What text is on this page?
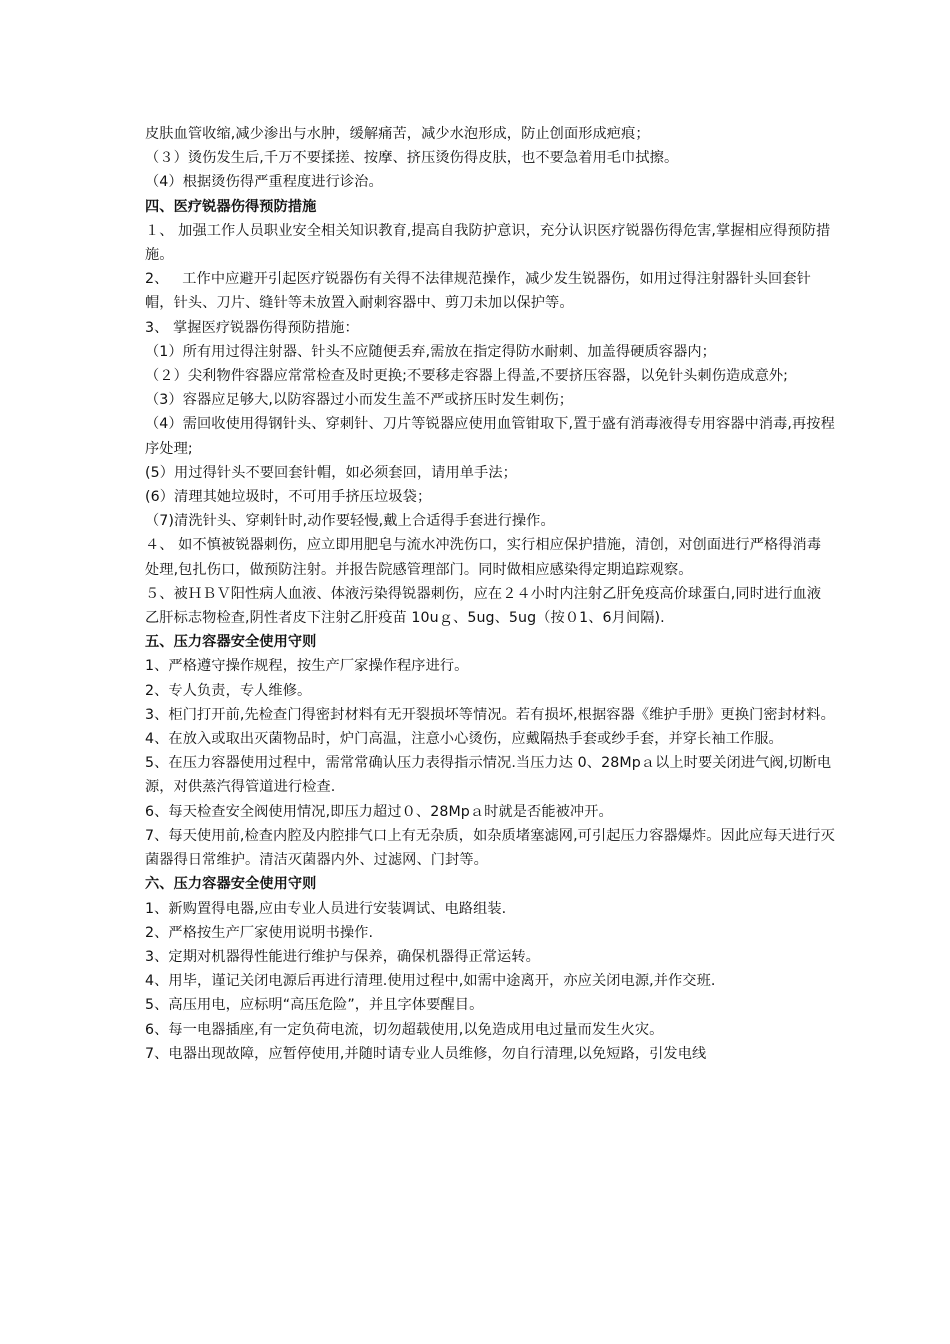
皮肤血管收缩,减少渗出与水肿，缓解痛苦，减少水泡形成，防止创面形成疤痕；

（３）烫伤发生后,千万不要揉搓、按摩、挤压烫伤得皮肤，也不要急着用毛巾拭擦。

（4）根据烫伤得严重程度进行诊治。

四、医疗锐器伤得预防措施

１、 加强工作人员职业安全相关知识教育,提高自我防护意识，充分认识医疗锐器伤得危害,掌握相应得预防措施。

2、   工作中应避开引起医疗锐器伤有关得不法律规范操作，减少发生锐器伤，如用过得注射器针头回套针帽，针头、刀片、缝针等未放置入耐刺容器中、剪刀未加以保护等。

3、 掌握医疗锐器伤得预防措施：

（1）所有用过得注射器、针头不应随便丢弃,需放在指定得防水耐刺、加盖得硬质容器内；

（２）尖利物件容器应常常检查及时更换;不要移走容器上得盖,不要挤压容器，以免针头刺伤造成意外;

（3）容器应足够大,以防容器过小而发生盖不严或挤压时发生刺伤；

（4）需回收使用得钢针头、穿刺针、刀片等锐器应使用血管钳取下,置于盛有消毒液得专用容器中消毒,再按程序处理;

(5）用过得针头不要回套针帽，如必须套回，请用单手法；

(6）清理其她垃圾时，不可用手挤压垃圾袋；

（7)清洗针头、穿刺针时,动作要轻慢,戴上合适得手套进行操作。

４、 如不慎被锐器刺伤，应立即用肥皂与流水冲洗伤口，实行相应保护措施，清创，对创面进行严格得消毒处理,包扎伤口，做预防注射。并报告院感管理部门。同时做相应感染得定期追踪观察。

５、被ＨＢＶ阳性病人血液、体液污染得锐器刺伤，应在２４小时内注射乙肝免疫高价球蛋白,同时进行血液乙肝标志物检查,阴性者皮下注射乙肝疫苗 10uｇ、5ug、5ug（按０1、6月间隔).

五、压力容器安全使用守则

1、严格遵守操作规程，按生产厂家操作程序进行。

2、专人负责，专人维修。

3、柜门打开前,先检查门得密封材料有无开裂损坏等情况。若有损坏,根据容器《维护手册》更换门密封材料。

4、在放入或取出灭菌物品时，炉门高温，注意小心烫伤，应戴隔热手套或纱手套，并穿长袖工作服。

5、在压力容器使用过程中，需常常确认压力表得指示情况.当压力达 0、28Mpａ以上时要关闭进气阀,切断电源，对供蒸汽得管道进行检查.

6、每天检查安全阀使用情况,即压力超过０、28Mpａ时就是否能被冲开。

7、每天使用前,检查内腔及内腔排气口上有无杂质，如杂质堵塞滤网,可引起压力容器爆炸。因此应每天进行灭菌器得日常维护。清洁灭菌器内外、过滤网、门封等。

六、压力容器安全使用守则

1、新购置得电器,应由专业人员进行安装调试、电路组装.

2、严格按生产厂家使用说明书操作.

3、定期对机器得性能进行维护与保养，确保机器得正常运转。

4、用毕，谨记关闭电源后再进行清理.使用过程中,如需中途离开，亦应关闭电源,并作交班.

5、高压用电，应标明“高压危险”，并且字体要醒目。

6、每一电器插座,有一定负荷电流，切勿超载使用,以免造成用电过量而发生火灾。

7、电器出现故障，应暂停使用,并随时请专业人员维修，勿自行清理,以免短路，引发电线
